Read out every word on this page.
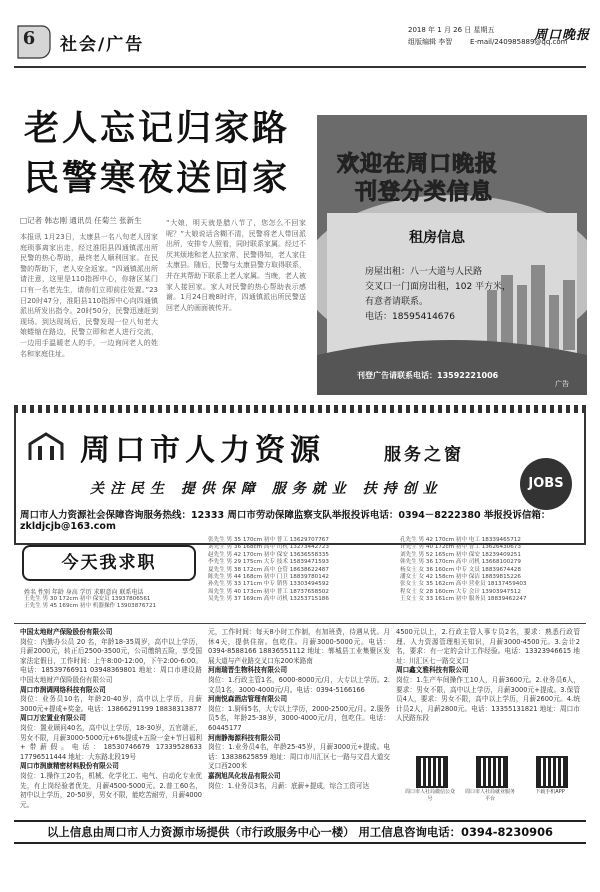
6	社会/广告
2018 年 1 月 26 日 星期五
组版编辑 李智	E-mail/240985889@qq.com
周口晚报
老人忘记归家路
民警寒夜送回家
□记者 韩志刚 通讯员 任菊兰 张新生
本报讯 1月23日，太康县一名八旬老人因家庭琐事离家出走，经过淮阳县四通镇派出所民警的热心帮助，最终老人顺利回家。在民警的帮助下，老人安全返家。“四通镇派出所请注意，这里是110指挥中心，你辖区某门口有一名老先生，请你们立即前往处置。”23日20时47分，淮阳县110指挥中心向四通镇派出所发出指令。20时50分，民警迅速赶到现场。到达现场后，民警发现一位八旬老大娘蜷缩在路边，民警立即和老人进行交流，一边用手温暖老人的手，一边询问老人的姓名和家庭住址。
“大娘，明天就是腊八节了，您怎么不回家呢？”大娘说话含糊不清，民警将老人带回派出所，安排专人照看，同时联系家属。经过不厌其烦地和老人拉家常，民警得知，老人家住太康县。随后，民警与太康县警方取得联系，并在其帮助下联系上老人家属。当晚，老人被家人接回家。家人对民警的热心帮助表示感谢。1月24日晚8时许，四通镇派出所民警送回老人的画面被传开。
欢迎在周口晚报
刊登分类信息
租房信息
房屋出租：八一大道与人民路
交叉口一门面房出租，102 平方米，
有意者请联系。
电话：18595414676
刊登广告请联系电话：13592221006
广告
周口市人力资源	服务之窗
关注民生 提供保障 服务就业 扶持创业	JOBS
周口市人力资源社会保障咨询服务热线：12333 周口市劳动保障监察支队举报投诉电话：0394－8222380 举报投诉信箱：zkldjcjb@163.com
今天我求职
姓名 性别 年龄 身高 学历 求职意向 联系电话
王先生 男 30 172cm 初中 保安员 13937806561
王先生 男 45 169cm 初中 机器操作 13903876721
张先生 男 35 170cm 初中 普工 13629707767
刘先生 男 36 168cm 高中 司机 13273442723
赵先生 男 42 170cm 初中 保安 13636558335
李先生 男 29 175cm 大专 技术 15839471593
夏先生 男 38 172cm 高中 仓管 18638622487
陈先生 男 44 168cm 初中 门卫 18839780142
孙先生 男 33 171cm 中专 销售 13303494592
周先生 男 40 173cm 初中 普工 18737658502
吴先生 男 37 169cm 高中 司机 13253715186
孔先生 男 42 170cm 初中 电工 18339465712
许先生 男 40 172cm 初中 普工 13626430673
刘先生 男 52 165cm 初中 保安 18239409251
韩先生 男 36 170cm 高中 司机 13668100279
杨女士 女 36 160cm 中专 文员 18839674428
潘女士 女 42 158cm 初中 保洁 18839815226
张女士 女 35 162cm 高中 营业员 18137459403
程女士 女 28 160cm 大专 会计 13903947512
王女士 女 33 161cm 初中 服务员 18839462247
中国太地财产保险股份有限公司
岗位：内勤办公员 20 名，年龄18-35周岁，高中以上学历，月薪2000元，转正后2500-3500元，公司缴纳五险，享受国家法定假日，工作时间：上午8:00-12:00，下午2:00-6:00。电话：18539766911 03948369801 地址：周口市建设路中国太地财产保险股份有限公司
周口市润调网络科技有限公司
岗位：业务员10名，年龄20-40岁，高中以上学历，月薪3000元+提成+奖金。电话：13866291199 18838313877
周口万宏置业有限公司
岗位：置业顾问40名，高中以上学历，18-30岁，五官端正，男女不限，月薪3000-5000元+6%提成+五险一金+节日福利+带薪假。电话：18530746679 17339528633 17796511444 地址：大东路北段19号
周口市润康精密材料股份有限公司
岗位：1.操作工20名，机械、化学化工、电气、自动化专业优先，有上岗经验者优先，月薪4500-5000元。2.普工60名，初中以上学历，20-50岁，男女不限，能吃苦耐劳，月薪4000元。
元，工作时间：每天8小时工作制，有加班费，待遇从优。月休4天，提供住宿。包吃住。月薪3000-5000元。电话：0394-8588166 18836551112 地址：郸城县工业集聚区发展大道与产业路交叉口东200米路南
河南瑞晋生物科技有限公司
岗位：1.行政主管1名，6000-8000元/月，大专以上学历。2.文员1名，3000-4000元/月。电话：0394-5166166
河南悦森酒店管理有限公司
岗位：1.厨师5名，大专以上学历，2000-2500元/月。2.服务员5名，年龄25-38岁，3000-4000元/月，包吃住。电话：60445177
河南静海源科技有限公司
岗位：1.业务员4名，年龄25-45岁，月薪3000元+提成。电话：13838625859 地址：周口市川汇区七一路与文昌大道交叉口西200米
嘉润旭凤化妆品有限公司
岗位：1.业务员3名，月薪：底薪+提成，综合工资可达
4500元以上，2.行政主管人事专员2名，要求：熟悉行政管理、人力资源管理相关知识，月薪3000-4500元。3.会计2名，要求：有一定的会计工作经验。电话：13323946615 地址：川汇区七一路交叉口
周口鑫文雅科技有限公司
岗位：1.生产车间操作工10人，月薪3600元。2.业务员6人，要求：男女不限，高中以上学历，月薪3000元+提成。3.保管员4人，要求：男女不限，高中以上学历，月薪2600元。4.统计员2人，月薪2800元。电话：13355131821 地址：周口市人民路东段
周口市人社局微信公众号
周口市人社局就业服务平台
下载手机APP
以上信息由周口市人力资源市场提供（市行政服务中心一楼） 用工信息咨询电话：0394-8230906
